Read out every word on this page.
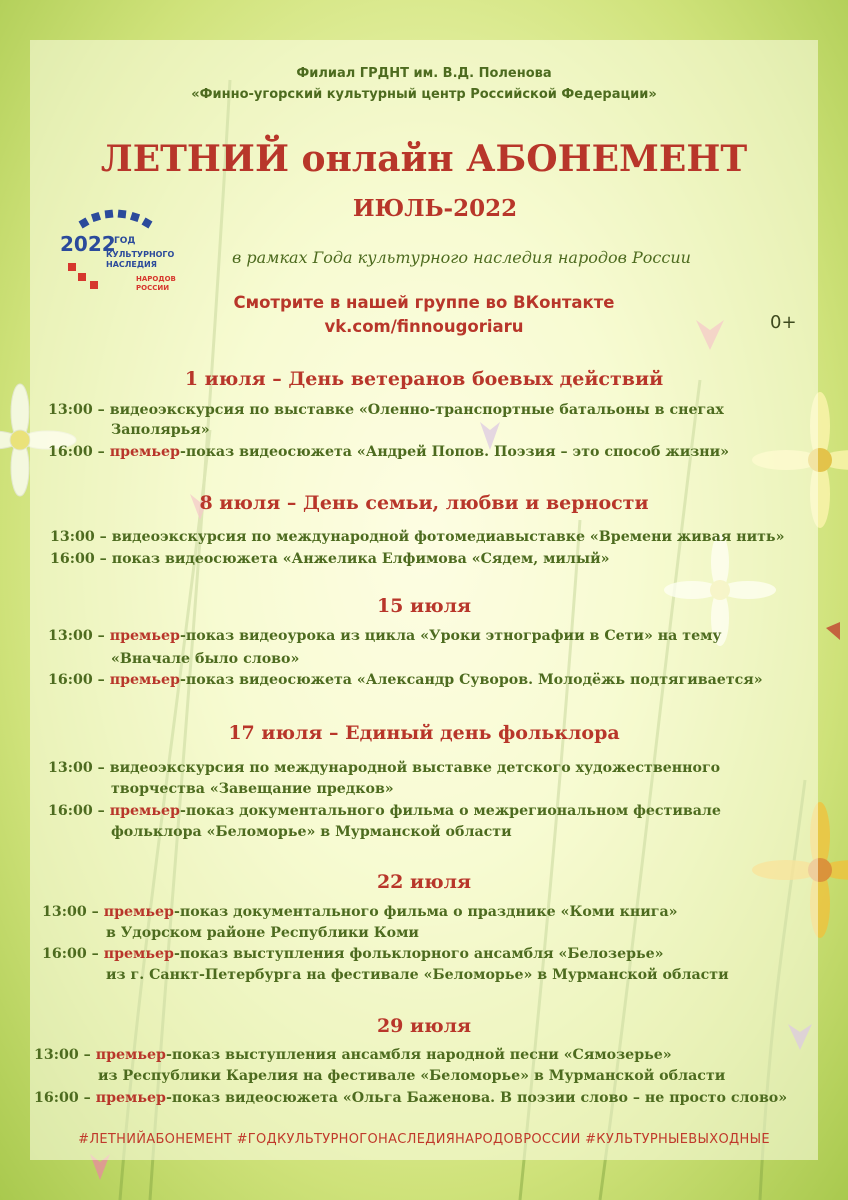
Филиал ГРДНТ им. В.Д. Поленова

«Финно-угорский культурный центр Российской Федерации»

ЛЕТНИЙ онлайн АБОНЕМЕНТ

ИЮЛЬ-2022

2022
ГОД
КУЛЬТУРНОГО
НАСЛЕДИЯ
НАРОДОВ
РОССИИ

в рамках Года культурного наследия народов России

Смотрите в нашей группе во ВКонтакте

vk.com/finnougoriaru	0+

1 июля – День ветеранов боевых действий

13:00 – видеоэкскурсия по выставке «Оленно-транспортные батальоны в снегах

Заполярья»

16:00 – премьер-показ видеосюжета «Андрей Попов. Поэзия – это способ жизни»

8 июля – День семьи, любви и верности

13:00 – видеоэкскурсия по международной фотомедиавыставке «Времени живая нить»

16:00 – показ видеосюжета «Анжелика Елфимова «Сядем, милый»

15 июля

13:00 – премьер-показ видеоурока из цикла «Уроки этнографии в Сети» на тему

«Вначале было слово»

16:00 – премьер-показ видеосюжета «Александр Суворов. Молодёжь подтягивается»

17 июля – Единый день фольклора

13:00 – видеоэкскурсия по международной выставке детского художественного

творчества «Завещание предков»

16:00 – премьер-показ документального фильма о межрегиональном фестивале

фольклора «Беломорье» в Мурманской области

22 июля

13:00 – премьер-показ документального фильма о празднике «Коми книга»

в Удорском районе Республики Коми

16:00 – премьер-показ выступления фольклорного ансамбля «Белозерье»

из г. Санкт-Петербурга на фестивале «Беломорье» в Мурманской области

29 июля

13:00 – премьер-показ выступления ансамбля народной песни «Сямозерье»

из Республики Карелия на фестивале «Беломорье» в Мурманской области

16:00 – премьер-показ видеосюжета «Ольга Баженова. В поэзии слово – не просто слово»

#ЛЕТНИЙАБОНЕМЕНТ #ГОДКУЛЬТУРНОГОНАСЛЕДИЯНАРОДОВРОССИИ #КУЛЬТУРНЫЕВЫХОДНЫЕ
